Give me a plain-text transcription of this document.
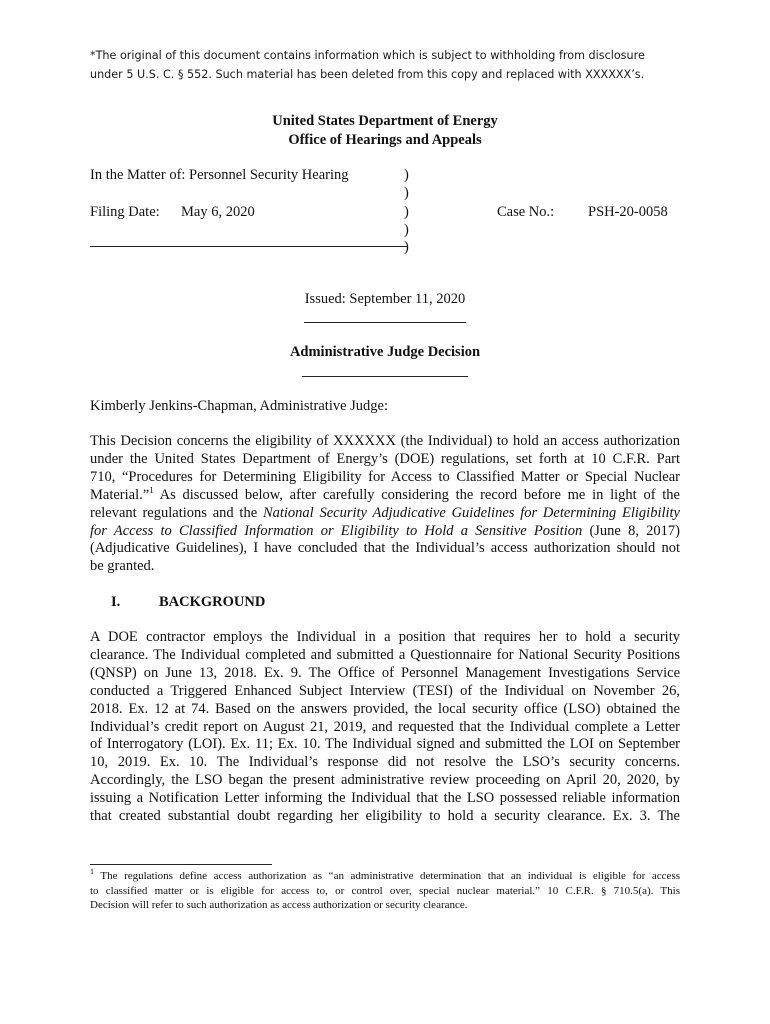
*The original of this document contains information which is subject to withholding from disclosure
under 5 U.S. C. § 552. Such material has been deleted from this copy and replaced with XXXXXX’s.
United States Department of Energy
Office of Hearings and Appeals
In the Matter of: Personnel Security Hearing
Filing Date: May 6, 2020	Case No.: PSH-20-0058
)
)
)
)
)
Issued: September 11, 2020
Administrative Judge Decision
Kimberly Jenkins-Chapman, Administrative Judge:
This Decision concerns the eligibility of XXXXXX (the Individual) to hold an access authorization
under the United States Department of Energy’s (DOE) regulations, set forth at 10 C.F.R. Part
710, “Procedures for Determining Eligibility for Access to Classified Matter or Special Nuclear
Material.”$^1$ As discussed below, after carefully considering the record before me in light of the
relevant regulations and the National Security Adjudicative Guidelines for Determining Eligibility
for Access to Classified Information or Eligibility to Hold a Sensitive Position (June 8, 2017)
(Adjudicative Guidelines), I have concluded that the Individual’s access authorization should not
be granted.
I.	BACKGROUND
A DOE contractor employs the Individual in a position that requires her to hold a security
clearance. The Individual completed and submitted a Questionnaire for National Security Positions
(QNSP) on June 13, 2018. Ex. 9. The Office of Personnel Management Investigations Service
conducted a Triggered Enhanced Subject Interview (TESI) of the Individual on November 26,
2018. Ex. 12 at 74. Based on the answers provided, the local security office (LSO) obtained the
Individual’s credit report on August 21, 2019, and requested that the Individual complete a Letter
of Interrogatory (LOI). Ex. 11; Ex. 10. The Individual signed and submitted the LOI on September
10, 2019. Ex. 10. The Individual’s response did not resolve the LSO’s security concerns.
Accordingly, the LSO began the present administrative review proceeding on April 20, 2020, by
issuing a Notification Letter informing the Individual that the LSO possessed reliable information
that created substantial doubt regarding her eligibility to hold a security clearance. Ex. 3. The
$^1$ The regulations define access authorization as “an administrative determination that an individual is eligible for access
to classified matter or is eligible for access to, or control over, special nuclear material.” 10 C.F.R. § 710.5(a). This
Decision will refer to such authorization as access authorization or security clearance.
